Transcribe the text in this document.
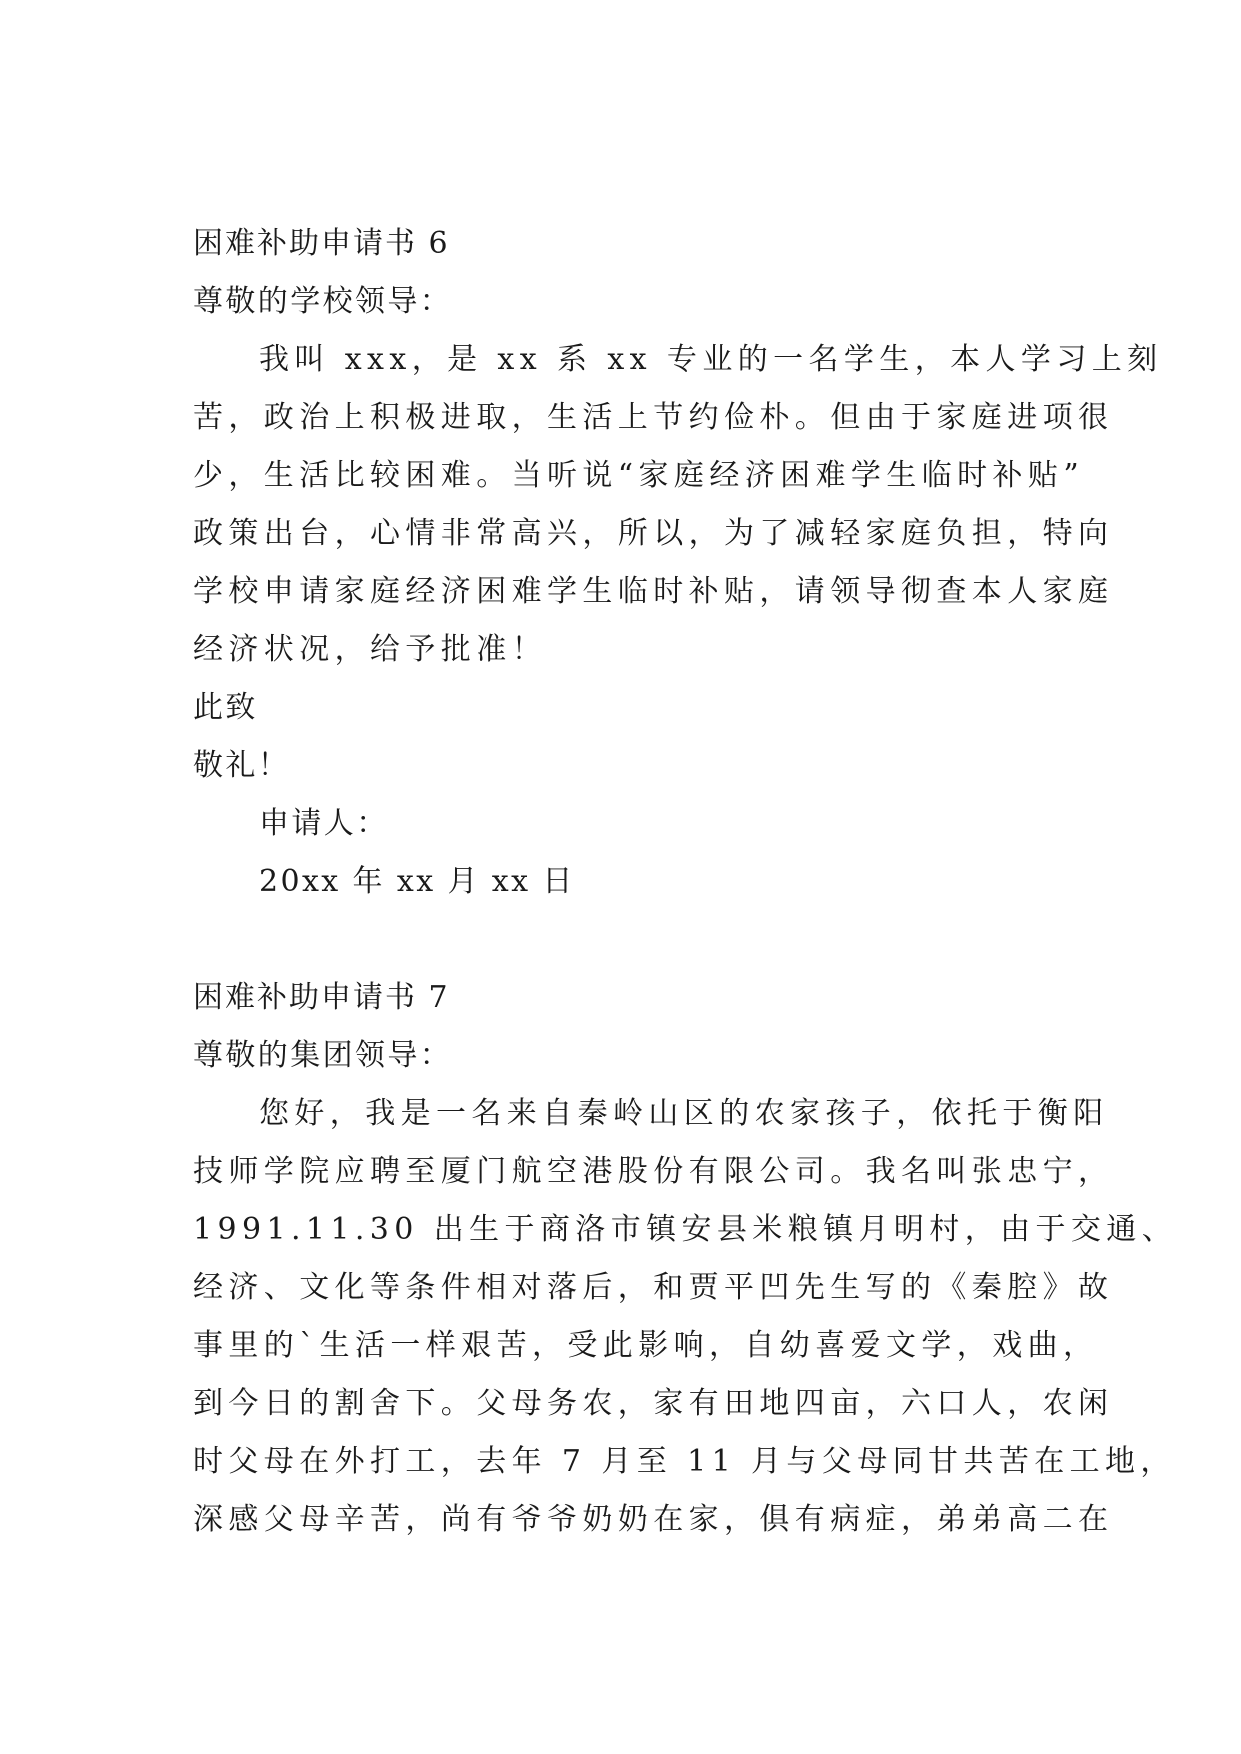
困难补助申请书 6
尊敬的学校领导：
我叫 xxx，是 xx 系 xx 专业的一名学生，本人学习上刻
苦，政治上积极进取，生活上节约俭朴。但由于家庭进项很
少，生活比较困难。当听说“家庭经济困难学生临时补贴”
政策出台，心情非常高兴，所以，为了减轻家庭负担，特向
学校申请家庭经济困难学生临时补贴，请领导彻查本人家庭
经济状况，给予批准！
此致
敬礼！
申请人：
20xx 年 xx 月 xx 日
困难补助申请书 7
尊敬的集团领导：
您好，我是一名来自秦岭山区的农家孩子，依托于衡阳
技师学院应聘至厦门航空港股份有限公司。我名叫张忠宁，
1991.11.30 出生于商洛市镇安县米粮镇月明村，由于交通、
经济、文化等条件相对落后，和贾平凹先生写的《秦腔》故
事里的`生活一样艰苦，受此影响，自幼喜爱文学，戏曲，
到今日的割舍下。父母务农，家有田地四亩，六口人，农闲
时父母在外打工，去年 7 月至 11 月与父母同甘共苦在工地，
深感父母辛苦，尚有爷爷奶奶在家，俱有病症，弟弟高二在
